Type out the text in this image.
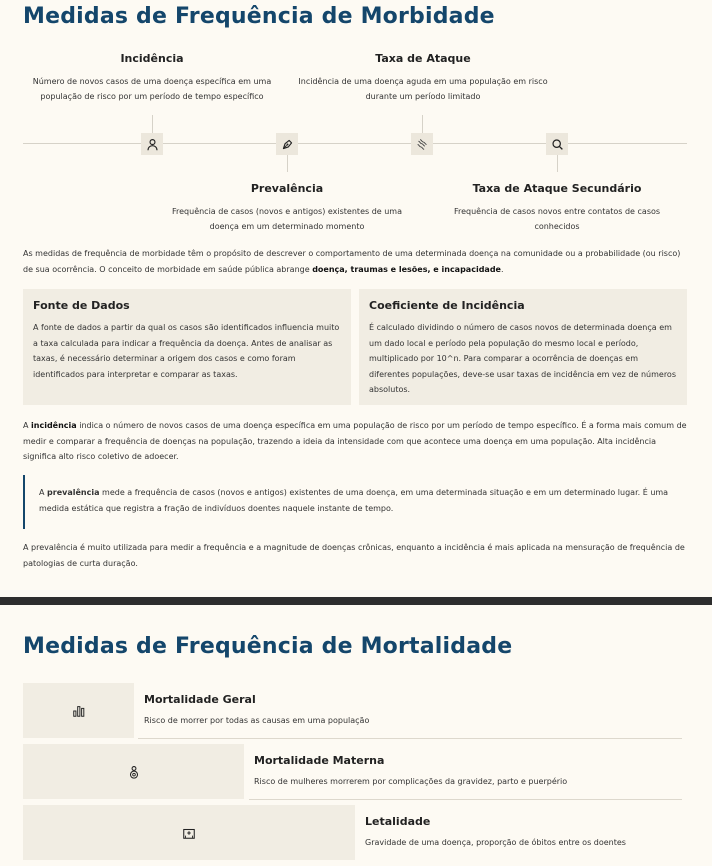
Medidas de Frequência de Morbidade
Incidência
Número de novos casos de uma doença específica em uma população de risco por um período de tempo específico
Taxa de Ataque
Incidência de uma doença aguda em uma população em risco durante um período limitado
Prevalência
Frequência de casos (novos e antigos) existentes de uma doença em um determinado momento
Taxa de Ataque Secundário
Frequência de casos novos entre contatos de casos conhecidos
As medidas de frequência de morbidade têm o propósito de descrever o comportamento de uma determinada doença na comunidade ou a probabilidade (ou risco) de sua ocorrência. O conceito de morbidade em saúde pública abrange doença, traumas e lesões, e incapacidade.
Fonte de Dados
A fonte de dados a partir da qual os casos são identificados influencia muito a taxa calculada para indicar a frequência da doença. Antes de analisar as taxas, é necessário determinar a origem dos casos e como foram identificados para interpretar e comparar as taxas.
Coeficiente de Incidência
É calculado dividindo o número de casos novos de determinada doença em um dado local e período pela população do mesmo local e período, multiplicado por 10^n. Para comparar a ocorrência de doenças em diferentes populações, deve-se usar taxas de incidência em vez de números absolutos.
A incidência indica o número de novos casos de uma doença específica em uma população de risco por um período de tempo específico. É a forma mais comum de medir e comparar a frequência de doenças na população, trazendo a ideia da intensidade com que acontece uma doença em uma população. Alta incidência significa alto risco coletivo de adoecer.
A prevalência mede a frequência de casos (novos e antigos) existentes de uma doença, em uma determinada situação e em um determinado lugar. É uma medida estática que registra a fração de indivíduos doentes naquele instante de tempo.
A prevalência é muito utilizada para medir a frequência e a magnitude de doenças crônicas, enquanto a incidência é mais aplicada na mensuração de frequência de patologias de curta duração.
Medidas de Frequência de Mortalidade
Mortalidade Geral
Risco de morrer por todas as causas em uma população
Mortalidade Materna
Risco de mulheres morrerem por complicações da gravidez, parto e puerpério
Letalidade
Gravidade de uma doença, proporção de óbitos entre os doentes
